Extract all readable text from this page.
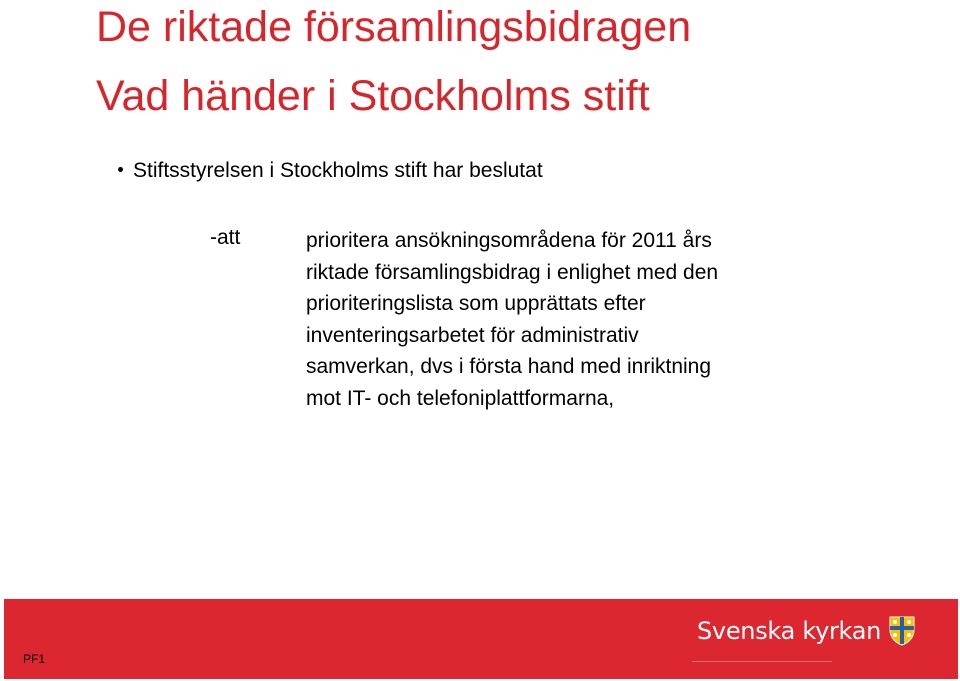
De riktade församlingsbidragen
Vad händer i Stockholms stift
Stiftsstyrelsen i Stockholms stift har beslutat
-att	prioritera ansökningsområdena för 2011 års
riktade församlingsbidrag i enlighet med den
prioriteringslista som upprättats efter
inventeringsarbetet för administrativ
samverkan, dvs i första hand med inriktning
mot IT- och telefoniplattformarna,
PF1
Svenska kyrkan
